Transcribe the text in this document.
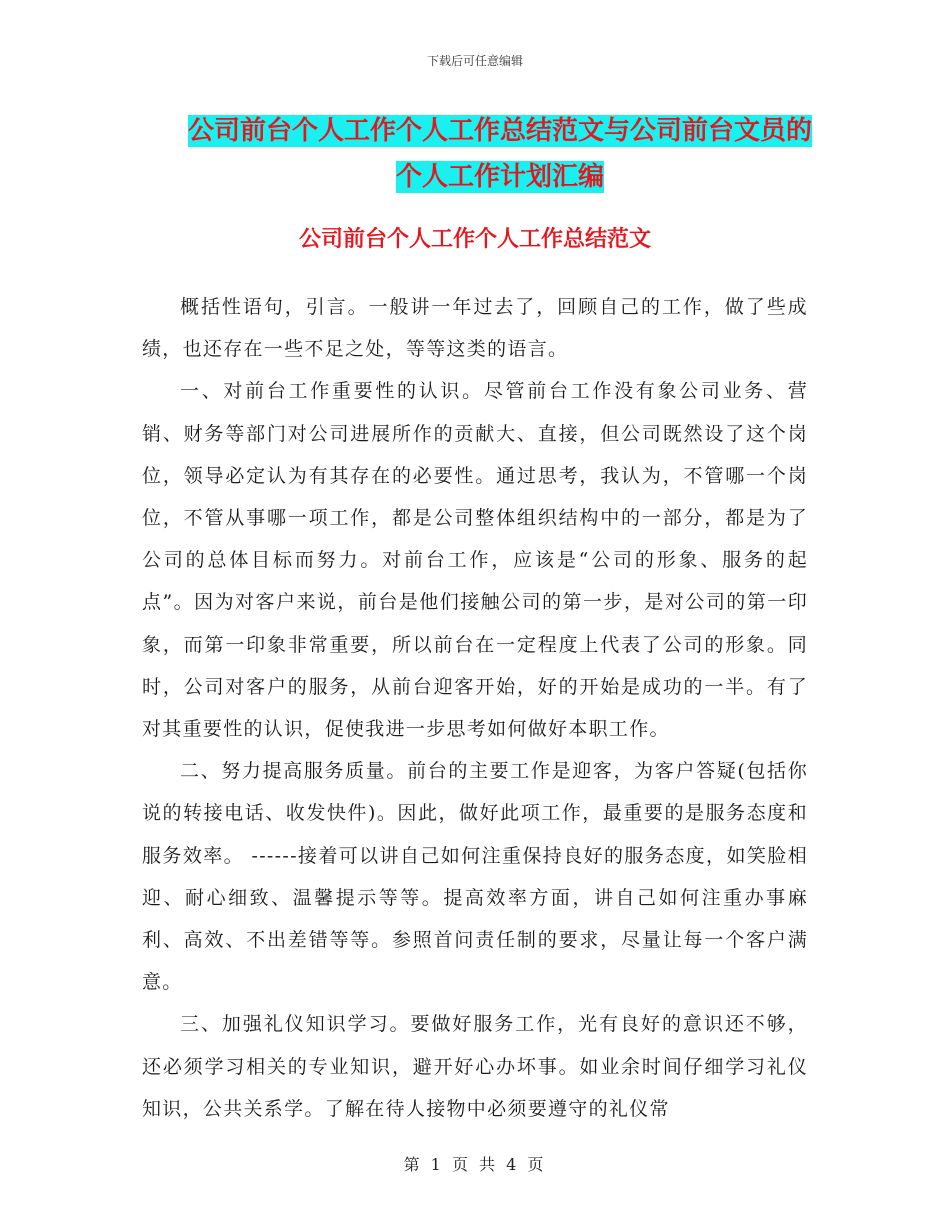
下载后可任意编辑
公司前台个人工作个人工作总结范文与公司前台文员的个人工作计划汇编
公司前台个人工作个人工作总结范文

概括性语句，引言。一般讲一年过去了，回顾自己的工作，做了些成绩，也还存在一些不足之处，等等这类的语言。

一、对前台工作重要性的认识。尽管前台工作没有象公司业务、营销、财务等部门对公司进展所作的贡献大、直接，但公司既然设了这个岗位，领导必定认为有其存在的必要性。通过思考，我认为，不管哪一个岗位，不管从事哪一项工作，都是公司整体组织结构中的一部分，都是为了公司的总体目标而努力。对前台工作，应该是“公司的形象、服务的起点”。因为对客户来说，前台是他们接触公司的第一步，是对公司的第一印象，而第一印象非常重要，所以前台在一定程度上代表了公司的形象。同时，公司对客户的服务，从前台迎客开始，好的开始是成功的一半。有了对其重要性的认识，促使我进一步思考如何做好本职工作。

二、努力提高服务质量。前台的主要工作是迎客，为客户答疑(包括你说的转接电话、收发快件)。因此，做好此项工作，最重要的是服务态度和服务效率。 ------接着可以讲自己如何注重保持良好的服务态度，如笑脸相迎、耐心细致、温馨提示等等。提高效率方面，讲自己如何注重办事麻利、高效、不出差错等等。参照首问责任制的要求，尽量让每一个客户满意。

三、加强礼仪知识学习。要做好服务工作，光有良好的意识还不够，还必须学习相关的专业知识，避开好心办坏事。如业余时间仔细学习礼仪知识，公共关系学。了解在待人接物中必须要遵守的礼仪常

第 1 页 共 4 页
